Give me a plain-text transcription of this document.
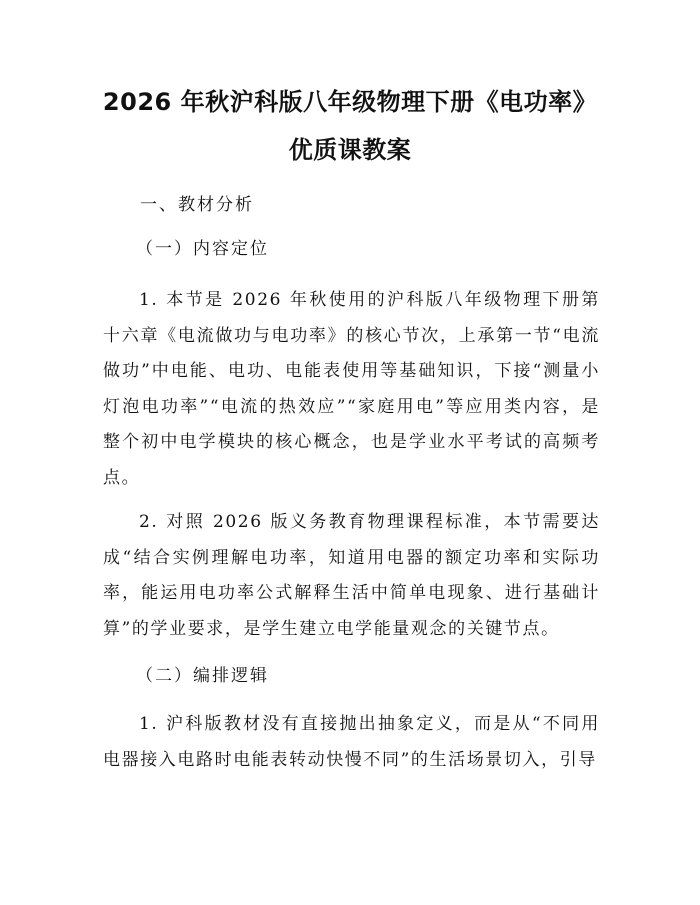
2026 年秋沪科版八年级物理下册《电功率》
优质课教案
一、教材分析
（一）内容定位

1. 本节是 2026 年秋使用的沪科版八年级物理下册第十六章《电流做功与电功率》的核心节次，上承第一节“电流做功”中电能、电功、电能表使用等基础知识，下接“测量小灯泡电功率”“电流的热效应”“家庭用电”等应用类内容，是整个初中电学模块的核心概念，也是学业水平考试的高频考点。

2. 对照 2026 版义务教育物理课程标准，本节需要达成“结合实例理解电功率，知道用电器的额定功率和实际功率，能运用电功率公式解释生活中简单电现象、进行基础计算”的学业要求，是学生建立电学能量观念的关键节点。

（二）编排逻辑

1. 沪科版教材没有直接抛出抽象定义，而是从“不同用电器接入电路时电能表转动快慢不同”的生活场景切入，引导
